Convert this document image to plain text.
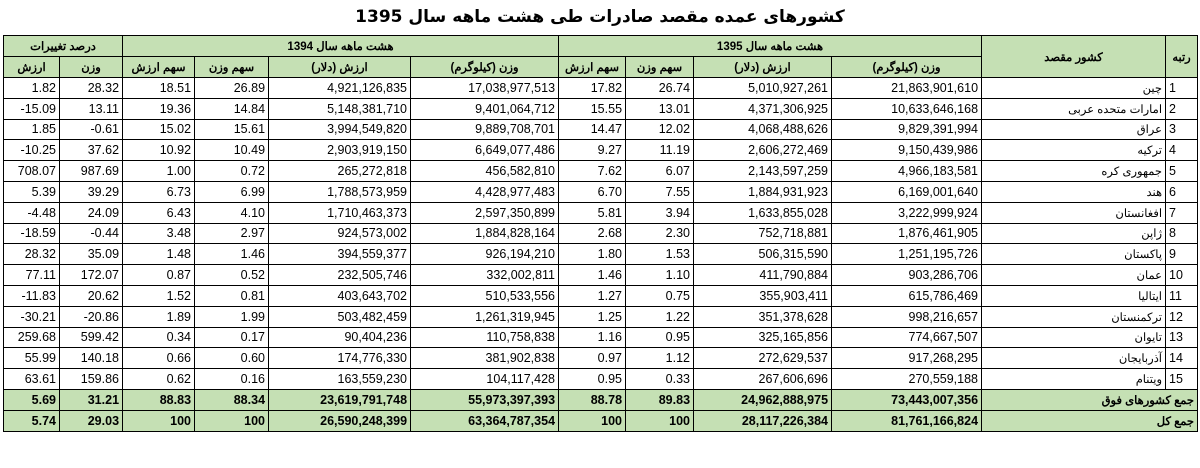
کشورهای عمده مقصد صادرات طی هشت ماهه سال 1395
درصد تغییرات		هشت ماهه سال 1394				هشت ماهه سال 1395				کشور مقصد	رتبه
ارزش	وزن	سهم ارزش	سهم وزن	ارزش (دلار)	وزن (کیلوگرم)	سهم ارزش	سهم وزن	ارزش (دلار)	وزن (کیلوگرم)		
1.82	28.32	18.51	26.89	4,921,126,835	17,038,977,513	17.82	26.74	5,010,927,261	21,863,901,610	چین	1
-15.09	13.11	19.36	14.84	5,148,381,710	9,401,064,712	15.55	13.01	4,371,306,925	10,633,646,168	امارات متحده عربی	2
1.85	-0.61	15.02	15.61	3,994,549,820	9,889,708,701	14.47	12.02	4,068,488,626	9,829,391,994	عراق	3
-10.25	37.62	10.92	10.49	2,903,919,150	6,649,077,486	9.27	11.19	2,606,272,469	9,150,439,986	ترکیه	4
708.07	987.69	1.00	0.72	265,272,818	456,582,810	7.62	6.07	2,143,597,259	4,966,183,581	جمهوری کره	5
5.39	39.29	6.73	6.99	1,788,573,959	4,428,977,483	6.70	7.55	1,884,931,923	6,169,001,640	هند	6
-4.48	24.09	6.43	4.10	1,710,463,373	2,597,350,899	5.81	3.94	1,633,855,028	3,222,999,924	افغانستان	7
-18.59	-0.44	3.48	2.97	924,573,002	1,884,828,164	2.68	2.30	752,718,881	1,876,461,905	ژاپن	8
28.32	35.09	1.48	1.46	394,559,377	926,194,210	1.80	1.53	506,315,590	1,251,195,726	پاکستان	9
77.11	172.07	0.87	0.52	232,505,746	332,002,811	1.46	1.10	411,790,884	903,286,706	عمان	10
-11.83	20.62	1.52	0.81	403,643,702	510,533,556	1.27	0.75	355,903,411	615,786,469	ایتالیا	11
-30.21	-20.86	1.89	1.99	503,482,459	1,261,319,945	1.25	1.22	351,378,628	998,216,657	ترکمنستان	12
259.68	599.42	0.34	0.17	90,404,236	110,758,838	1.16	0.95	325,165,856	774,667,507	تایوان	13
55.99	140.18	0.66	0.60	174,776,330	381,902,838	0.97	1.12	272,629,537	917,268,295	آذربایجان	14
63.61	159.86	0.62	0.16	163,559,230	104,117,428	0.95	0.33	267,606,696	270,559,188	ویتنام	15
5.69	31.21	88.83	88.34	23,619,791,748	55,973,397,393	88.78	89.83	24,962,888,975	73,443,007,356	جمع کشورهای فوق	
5.74	29.03	100	100	26,590,248,399	63,364,787,354	100	100	28,117,226,384	81,761,166,824	جمع کل	
